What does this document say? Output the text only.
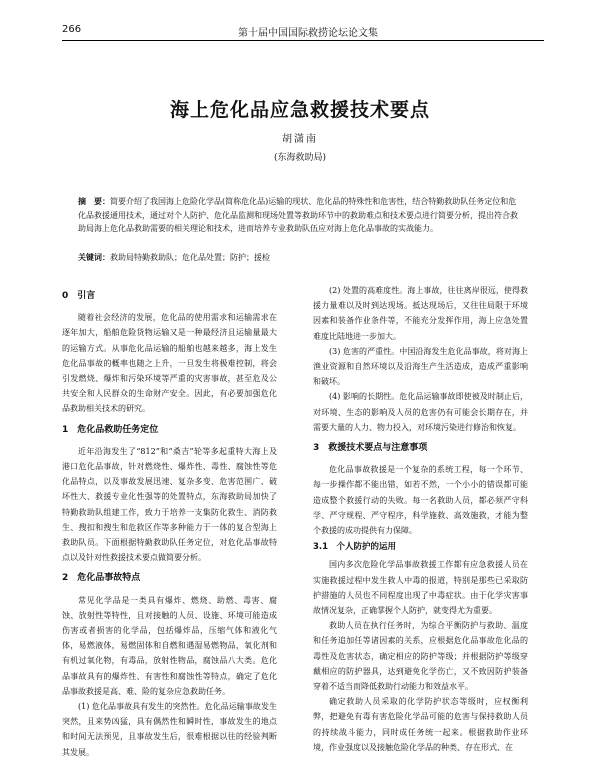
266	第十届中国国际救捞论坛论文集
海上危化品应急救援技术要点
胡潇南
(东海救助局)
摘　要：简要介绍了我国海上危险化学品(简称危化品)运输的现状、危化品的特殊性和危害性，结合特勤救助队任务定位和危化品救援通用技术，通过对个人防护、危化品监测和现场处置等救助环节中的救助难点和技术要点进行简要分析，提出符合救助局海上危化品救助需要的相关理论和技术，进而培养专业救助队伍应对海上危化品事故的实战能力。
关键词：救助局特勤救助队；危化品处置；防护；援检
0　引言

随着社会经济的发展，危化品的使用需求和运输需求在逐年加大，船舶危险货物运输又是一种最经济且运输量最大的运输方式。从事危化品运输的船舶也越来越多，海上发生危化品事故的概率也随之上升，一旦发生将极难控制，将会引发燃烧、爆炸和污染环境等严重的灾害事故，甚至危及公共安全和人民群众的生命财产安全。因此，有必要加强危化品救助相关技术的研究。

1　危化品救助任务定位

近年沿海发生了“812”和“桑吉”轮等多起重特大海上及港口危化品事故，针对燃烧性、爆炸性、毒性、腐蚀性等危化品特点，以及事故发展迅速、复杂多变、危害范围广、破坏性大、救援专业化性强等的处置特点，东海救助局加快了特勤救助队组建工作，致力于培养一支集防化救生、消防救生、搜扣和搜生和危救区作等多种能力于一体的复合型海上救助队员。下面根据特勤救助队任务定位，对危化品事故特点以及针对性救援技术要点做简要分析。

2　危化品事故特点

常见化学品是一类具有爆炸、燃烧、助燃、毒害、腐蚀、放射性等特性，且对接触的人员、设施、环境可能造成伤害或者损害的化学品，包括爆炸品，压缩气体和液化气体，易燃液体，易燃固体和自燃和遇湿易燃物品，氧化剂和有机过氧化物，有毒品，放射性物品，腐蚀品八大类。危化品事故具有的爆炸性、有害性和腐蚀性等特点，确定了危化品事故救援是高、难、险的复杂应急救助任务。

(1) 危化品事故具有发生的突然性。危化品运输事故发生突然，且来势凶猛，具有偶然性和瞬时性，事故发生的地点和时间无法预见，且事故发生后，很难根据以往的经验判断其发展。

(2) 处置的高难度性。海上事故，往往离岸很远，使得救援力量难以及时到达现场。抵达现场后，又往往局限于环境因素和装备作业条件等，不能充分发挥作用，海上应急处置难度比陆地进一步加大。

(3) 危害的严重性。中国沿海发生危化品事故，将对海上渔业资源和自然环境以及沿海生产生活造成，造成严重影响和破坏。

(4) 影响的长期性。危化品运输事故即使被及时制止后，对环境、生态的影响及人员的危害仍有可能会长期存在，并需要大量的人力、物力投入，对环境污染进行修治和恢复。

3　救援技术要点与注意事项

危化品事故救援是一个复杂的系统工程，每一个环节、每一步操作都不能出错，如若不然，一个小小的错误都可能造成整个救援行动的失败。每一名救助人员，都必须严守科学、严守规程、严守程序，科学施救、高效施救，才能为整个救援的成功提供有力保障。

3.1　个人防护的运用

国内多次危险化学品事故救援工作都有应急救援人员在实施救援过程中发生救人中毒的报道，特别是那些已采取防护措施的人员也不同程度出现了中毒症状。由于化学灾害事故情况复杂，正确掌握个人防护，就变得尤为重要。

救助人员在执行任务时，为综合平衡防护与救助、温度和任务追加任等诸因素的关系，应根据危化品事故危化品的毒性及危害状态，确定相应的防护等级；并根据防护等级穿戴相应的防护器具，达到避免化学伤亡，又不致因防护装备穿着不适当而降低救助行动能力和效益水平。

确定救助人员采取的化学防护状态等级时，应权衡利弊，把避免有毒有害危险化学品可能的危害与保持救助人员的持续战斗能力，同时成任务统一起来。根据救助作业环境，作业强度以及接触危险化学品的种类、存在形式、在
